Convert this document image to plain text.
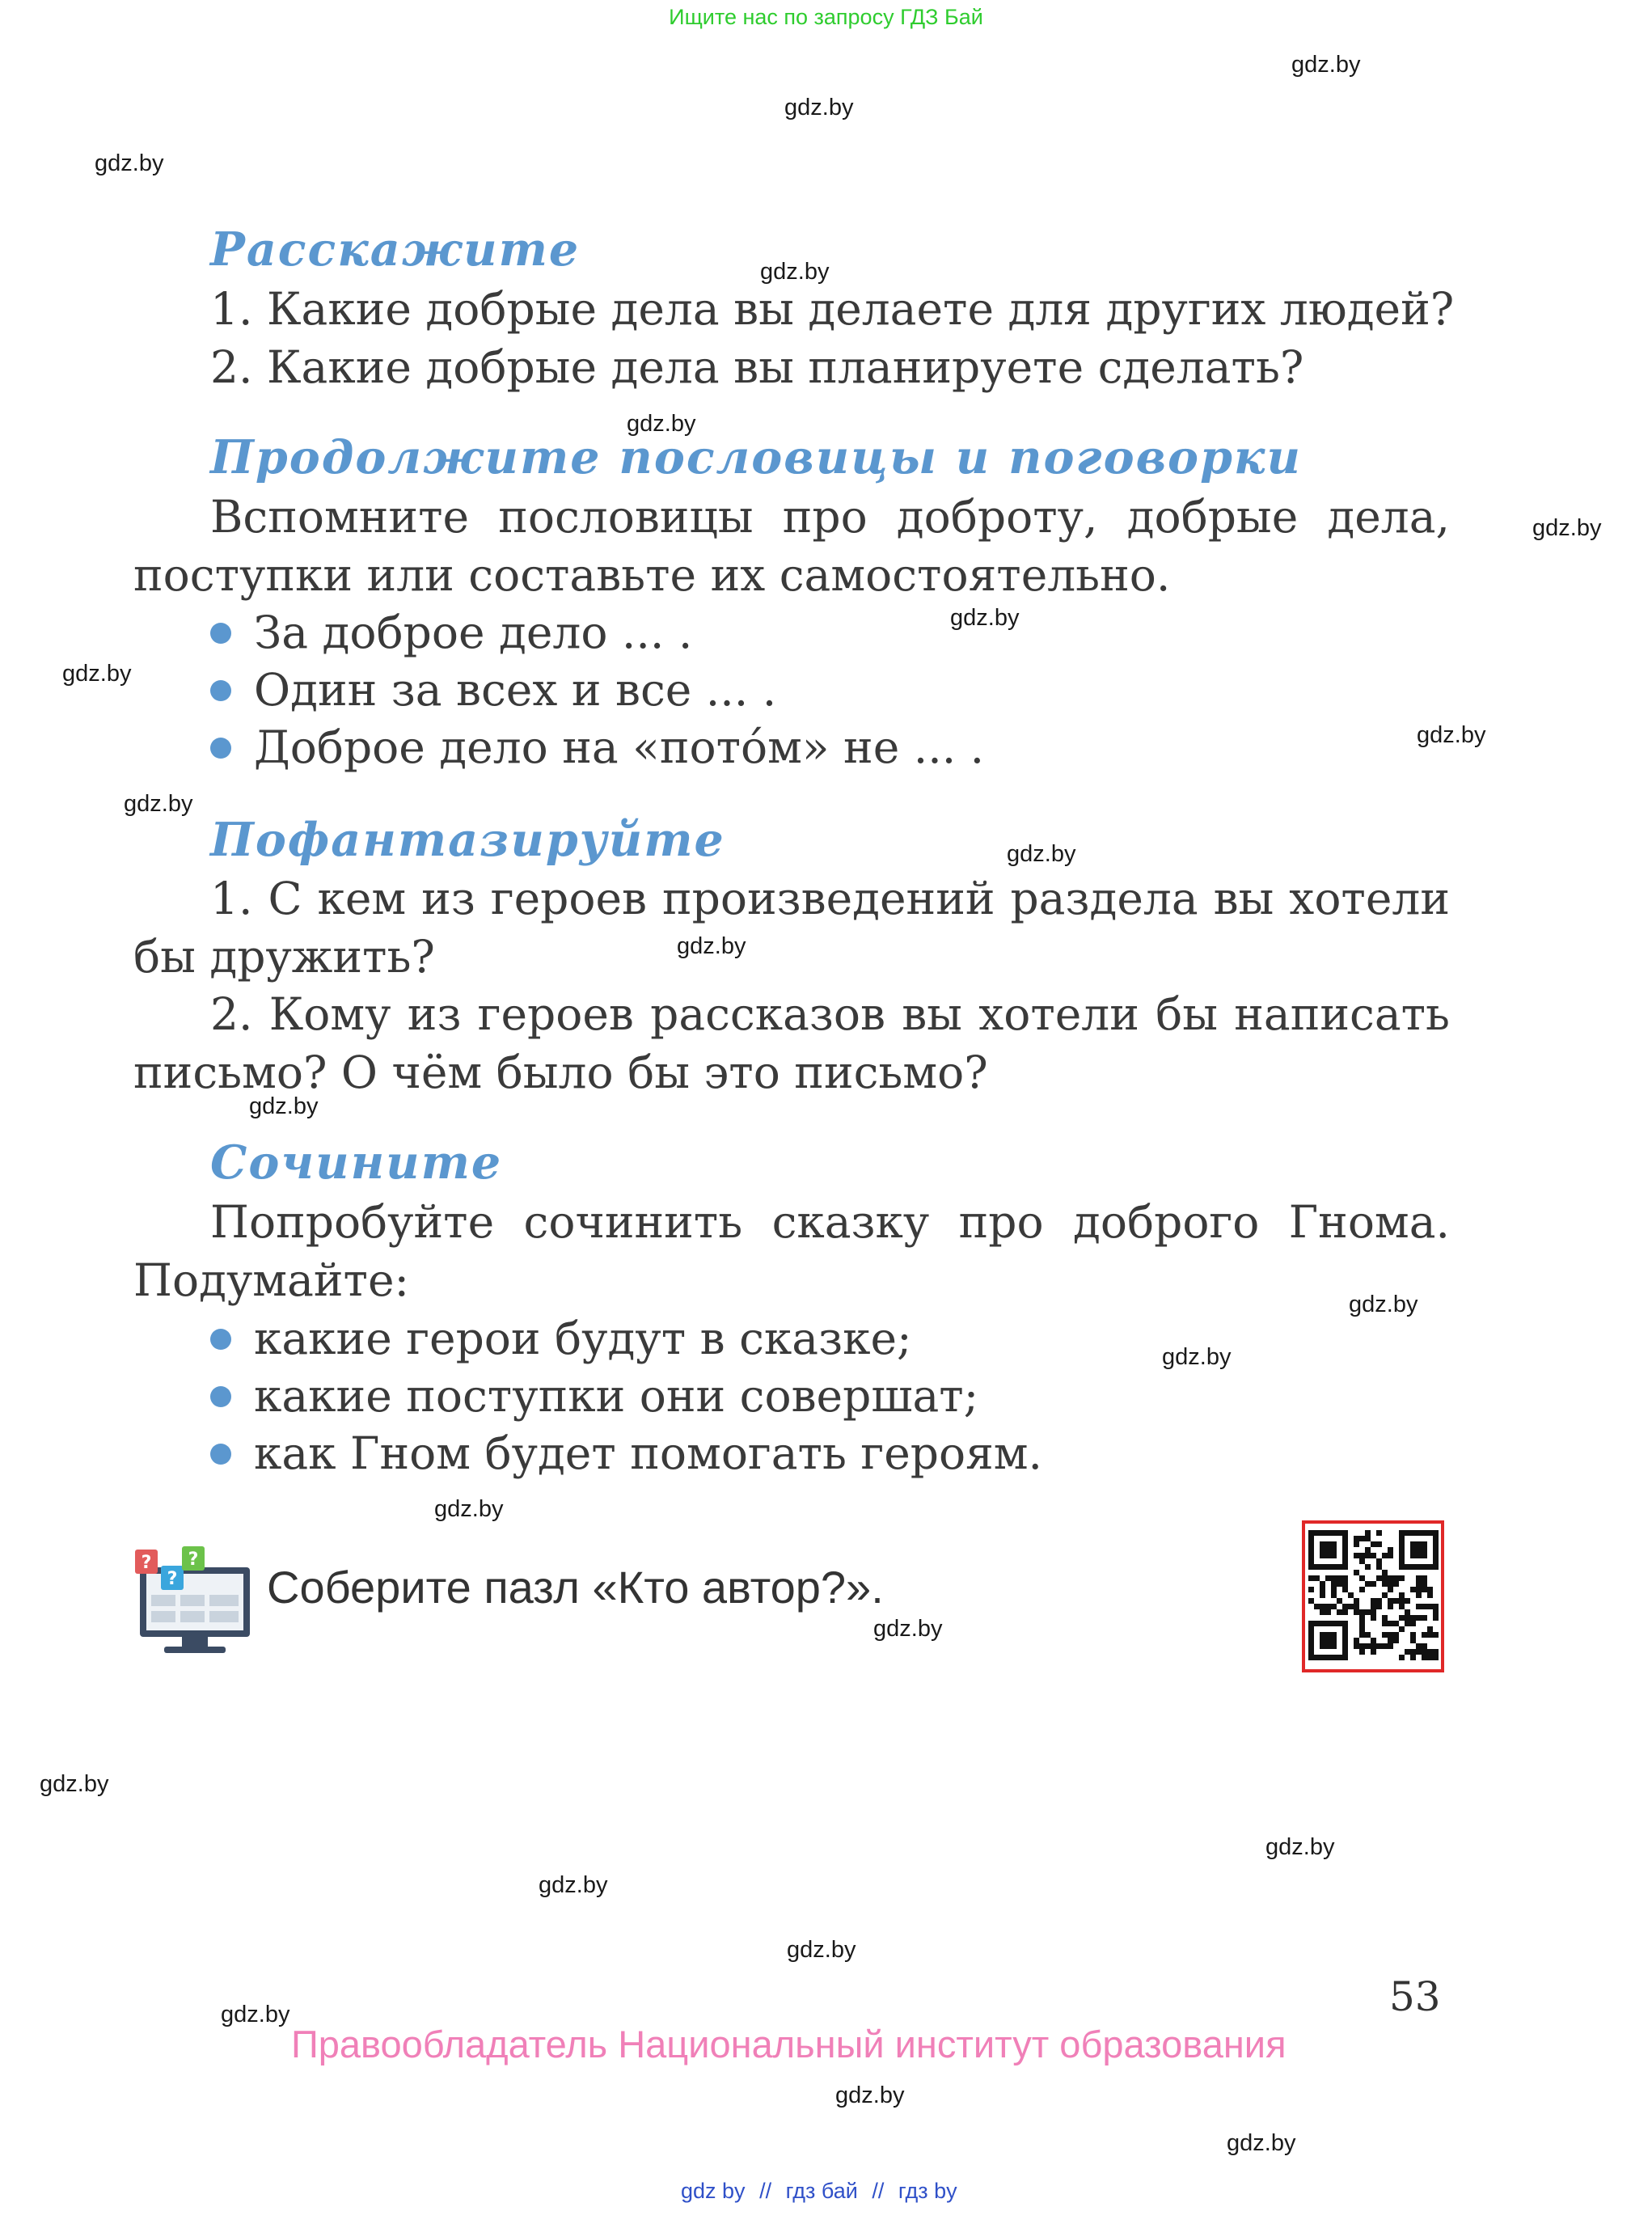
Ищите нас по запросу ГДЗ Бай
gdz.by
gdz.by
gdz.by
gdz.by
gdz.by
gdz.by
gdz.by
gdz.by
gdz.by
gdz.by
gdz.by
gdz.by
gdz.by
gdz.by
gdz.by
gdz.by
gdz.by
gdz.by
gdz.by
gdz.by
gdz.by
gdz.by
gdz.by
gdz.by
Расскажите
1. Какие добрые дела вы делаете для других людей?
2. Какие добрые дела вы планируете сделать?
Продолжите пословицы и поговорки
Вспомните пословицы про доброту, добрые дела,
поступки или составьте их самостоятельно.
За доброе дело ... .
Один за всех и все ... .
Доброе дело на «пото́м» не ... .
Пофантазируйте
1. С кем из героев произведений раздела вы хотели
бы дружить?
2. Кому из героев рассказов вы хотели бы написать
письмо? О чём было бы это письмо?
Сочините
Попробуйте сочинить сказку про доброго Гнома.
Подумайте:
какие герои будут в сказке;
какие поступки они совершат;
как Гном будет помогать героям.
?
?
?
Соберите пазл «Кто автор?».
53
Правообладатель Национальный институт образования
gdz by // гдз бай // гдз by
